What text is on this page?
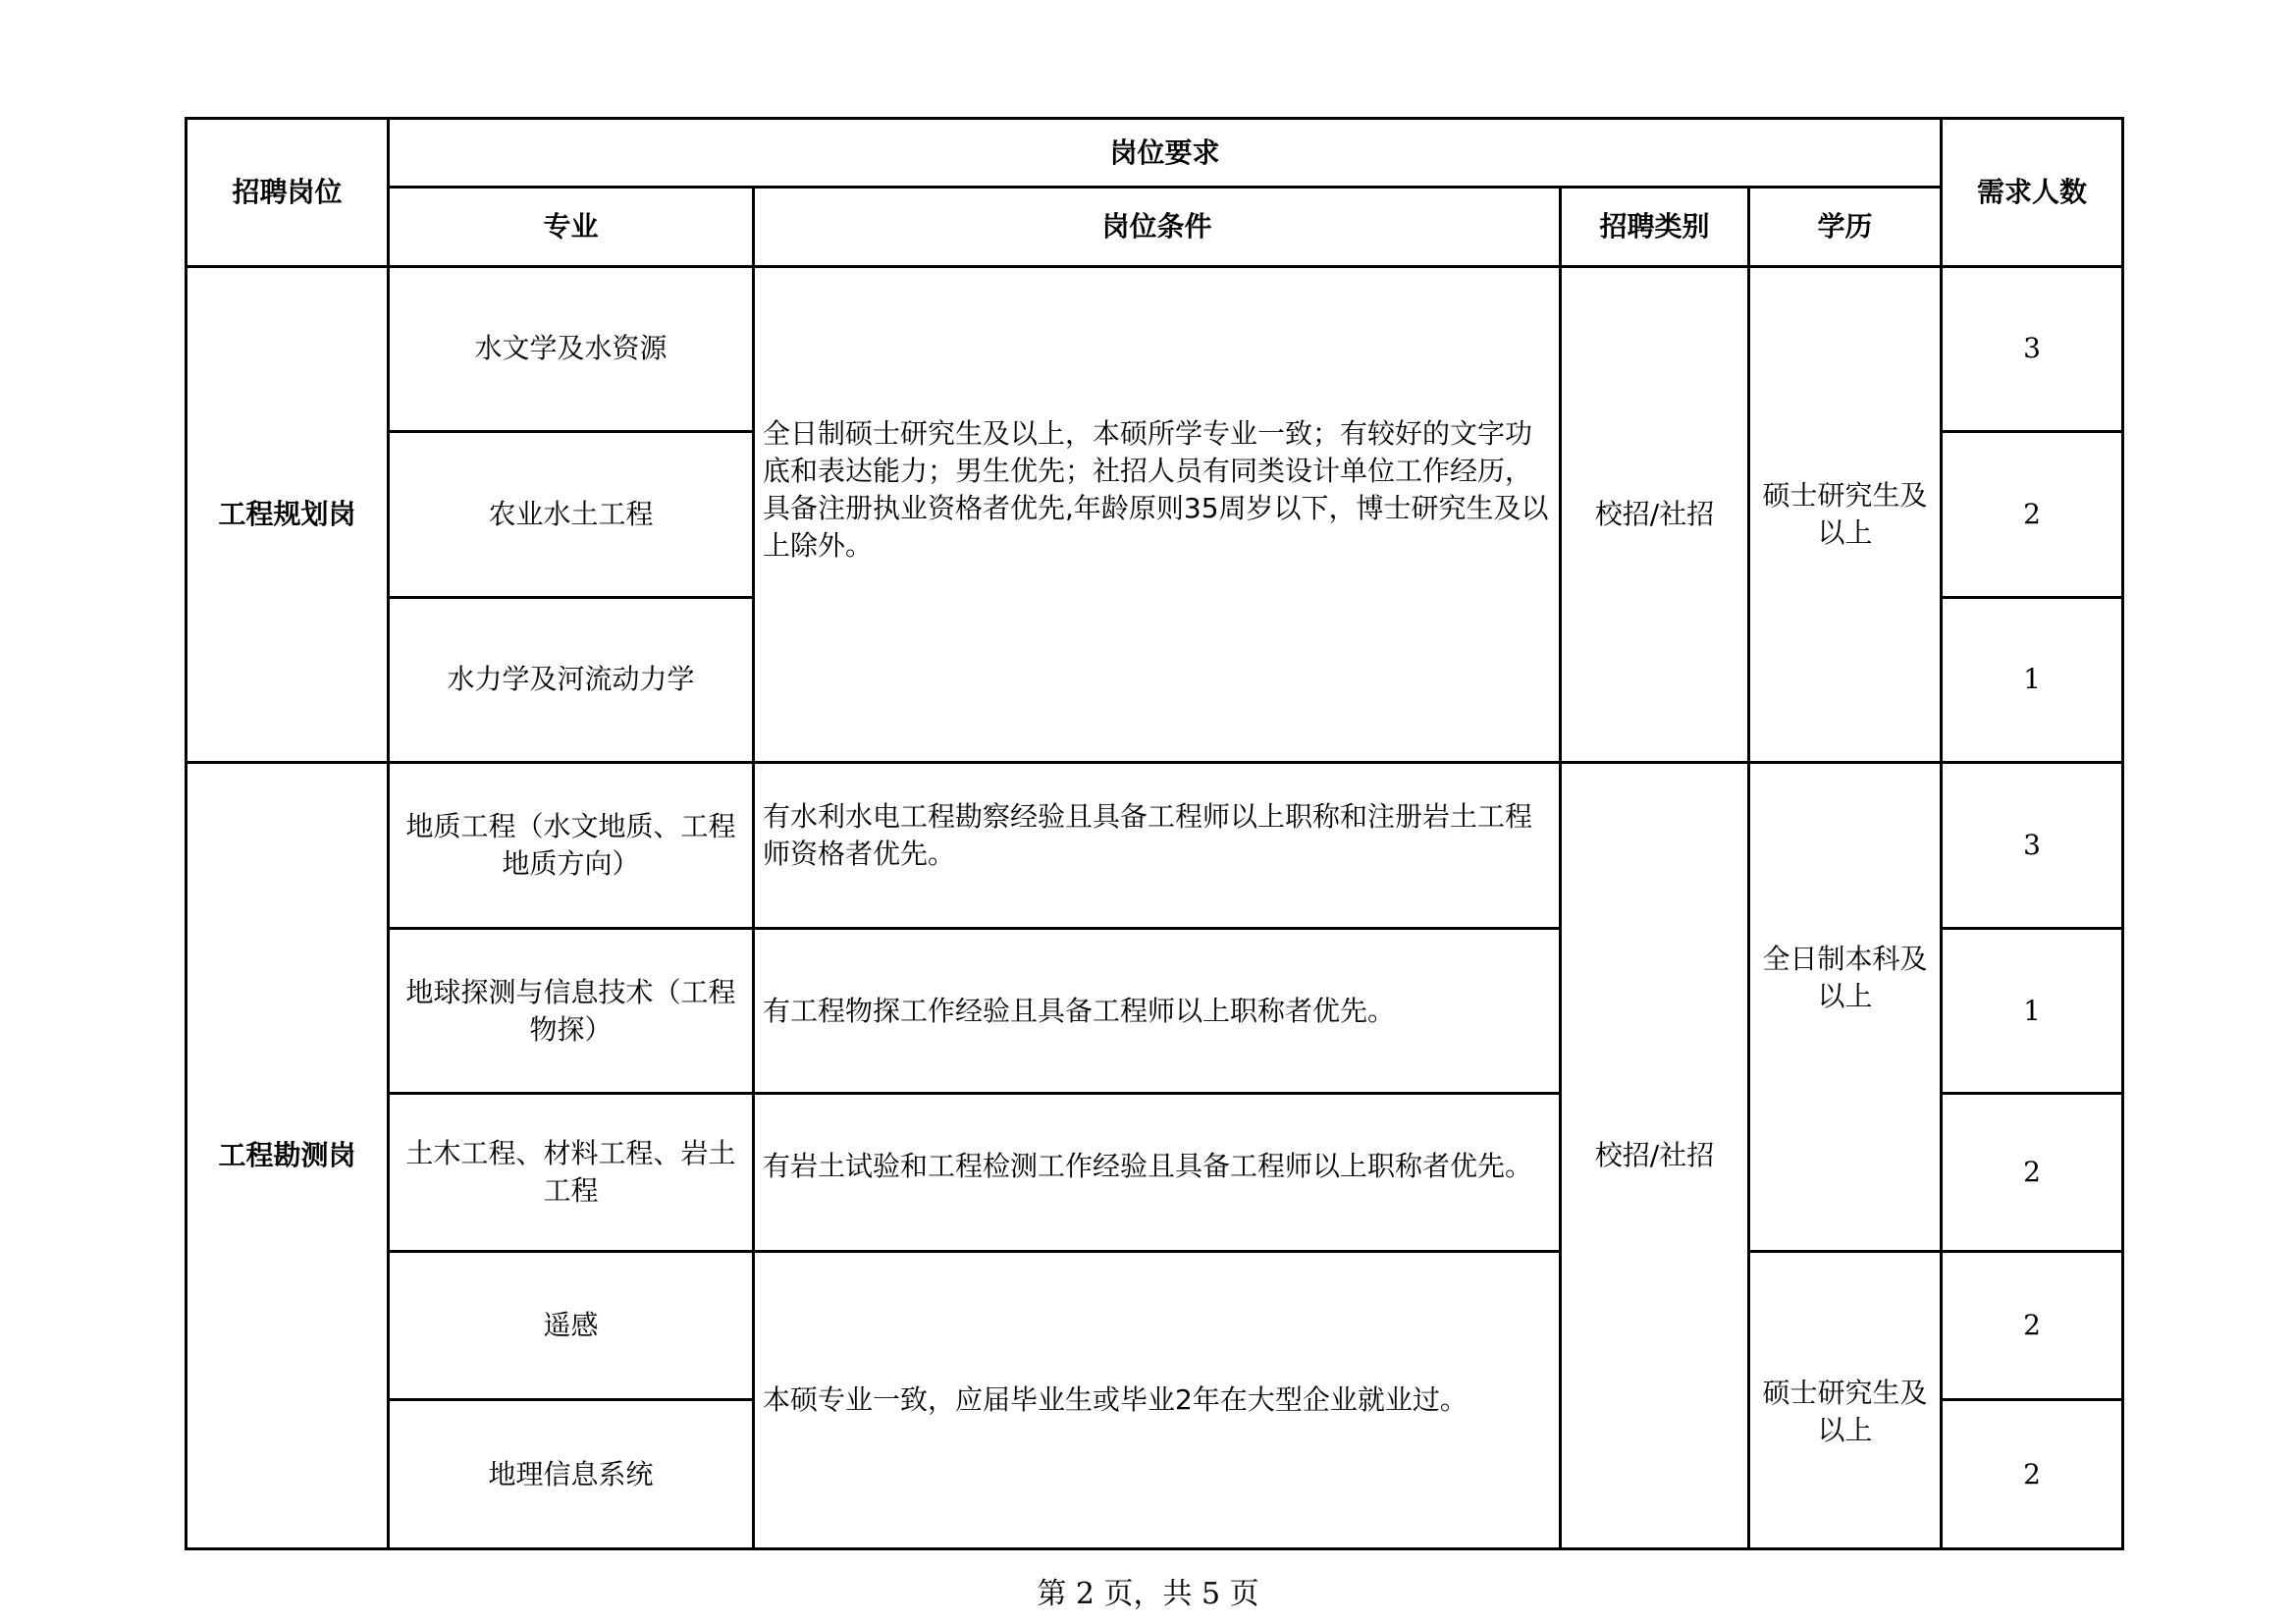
招聘岗位	岗位要求				需求人数
	专业	岗位条件	招聘类别	学历	
工程规划岗	水文学及水资源	全日制硕士研究生及以上，本硕所学专业一致；有较好的文字功底和表达能力；男生优先；社招人员有同类设计单位工作经历，具备注册执业资格者优先,年龄原则35周岁以下，博士研究生及以上除外。	校招/社招	硕士研究生及以上	3
	农业水土工程				2
	水力学及河流动力学				1
工程勘测岗	地质工程（水文地质、工程地质方向）	有水利水电工程勘察经验且具备工程师以上职称和注册岩土工程师资格者优先。	校招/社招	全日制本科及以上	3
	地球探测与信息技术（工程物探）	有工程物探工作经验且具备工程师以上职称者优先。			1
	土木工程、材料工程、岩土工程	有岩土试验和工程检测工作经验且具备工程师以上职称者优先。			2
	遥感	本硕专业一致，应届毕业生或毕业2年在大型企业就业过。		硕士研究生及以上	2
	地理信息系统				2
第 2 页，共 5 页
